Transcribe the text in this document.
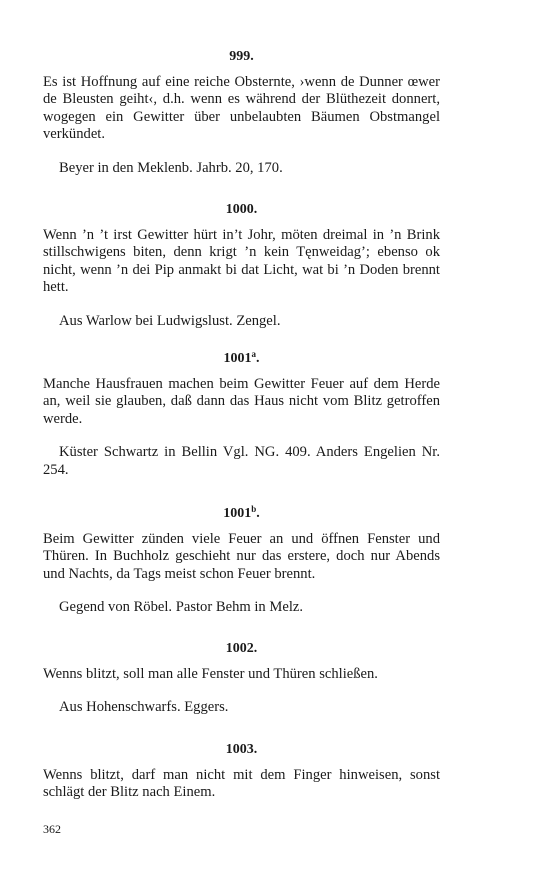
999.

Es ist Hoffnung auf eine reiche Obsternte, ›wenn de Dunner œwer de Bleusten geiht‹, d.h. wenn es während der Blüthezeit donnert, wogegen ein Gewitter über unbelaubten Bäumen Obstmangel verkündet.

Beyer in den Meklenb. Jahrb. 20, 170.

1000.

Wenn ’n ’t irst Gewitter hürt in’t Johr, möten dreimal in ’n Brink stillschwigens biten, denn krigt ’n kein Tęnweidag’; ebenso ok nicht, wenn ’n dei Pip anmakt bi dat Licht, wat bi ’n Doden brennt hett.

Aus Warlow bei Ludwigslust. Zengel.

1001$^a$.

Manche Hausfrauen machen beim Gewitter Feuer auf dem Herde an, weil sie glauben, daß dann das Haus nicht vom Blitz getroffen werde.

Küster Schwartz in Bellin Vgl. NG. 409. Anders Engelien Nr. 254.

1001$^b$.

Beim Gewitter zünden viele Feuer an und öffnen Fenster und Thüren. In Buchholz geschieht nur das erstere, doch nur Abends und Nachts, da Tags meist schon Feuer brennt.

Gegend von Röbel. Pastor Behm in Melz.

1002.

Wenns blitzt, soll man alle Fenster und Thüren schließen.

Aus Hohenschwarfs. Eggers.

1003.

Wenns blitzt, darf man nicht mit dem Finger hinweisen, sonst schlägt der Blitz nach Einem.

362
